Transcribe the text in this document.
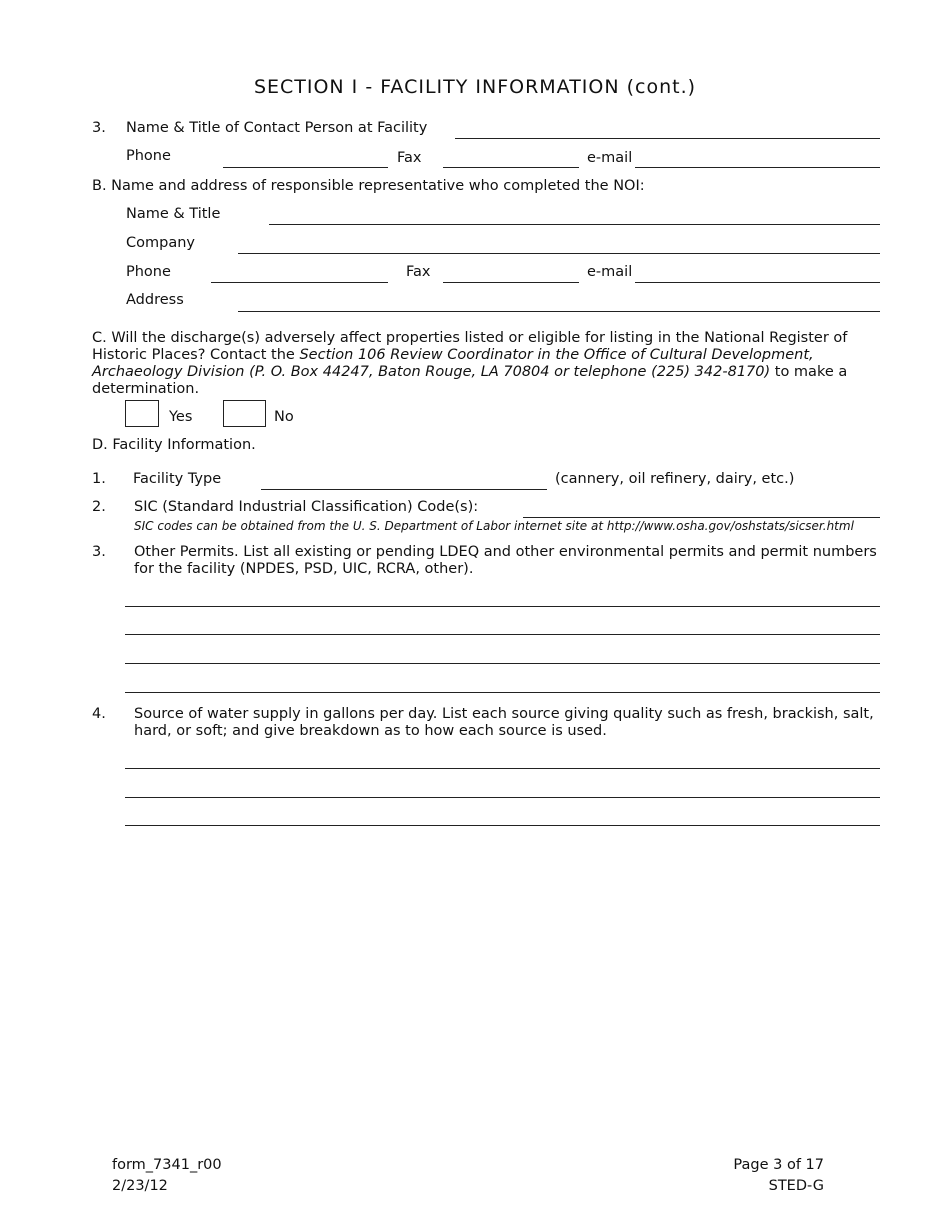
SECTION I - FACILITY INFORMATION (cont.)
3. Name & Title of Contact Person at Facility
Phone	Fax	e-mail
B. Name and address of responsible representative who completed the NOI:
Name & Title
Company
Phone	Fax	e-mail
Address
C. Will the discharge(s) adversely affect properties listed or eligible for listing in the National Register of Historic Places? Contact the Section 106 Review Coordinator in the Office of Cultural Development, Archaeology Division (P. O. Box 44247, Baton Rouge, LA 70804 or telephone (225) 342-8170) to make a determination.
Yes	No
D. Facility Information.
1. Facility Type	(cannery, oil refinery, dairy, etc.)
2. SIC (Standard Industrial Classification) Code(s):
SIC codes can be obtained from the U. S. Department of Labor internet site at http://www.osha.gov/oshstats/sicser.html
3. Other Permits. List all existing or pending LDEQ and other environmental permits and permit numbers for the facility (NPDES, PSD, UIC, RCRA, other).
4. Source of water supply in gallons per day. List each source giving quality such as fresh, brackish, salt, hard, or soft; and give breakdown as to how each source is used.
form_7341_r00
2/23/12
Page 3 of 17
STED-G
